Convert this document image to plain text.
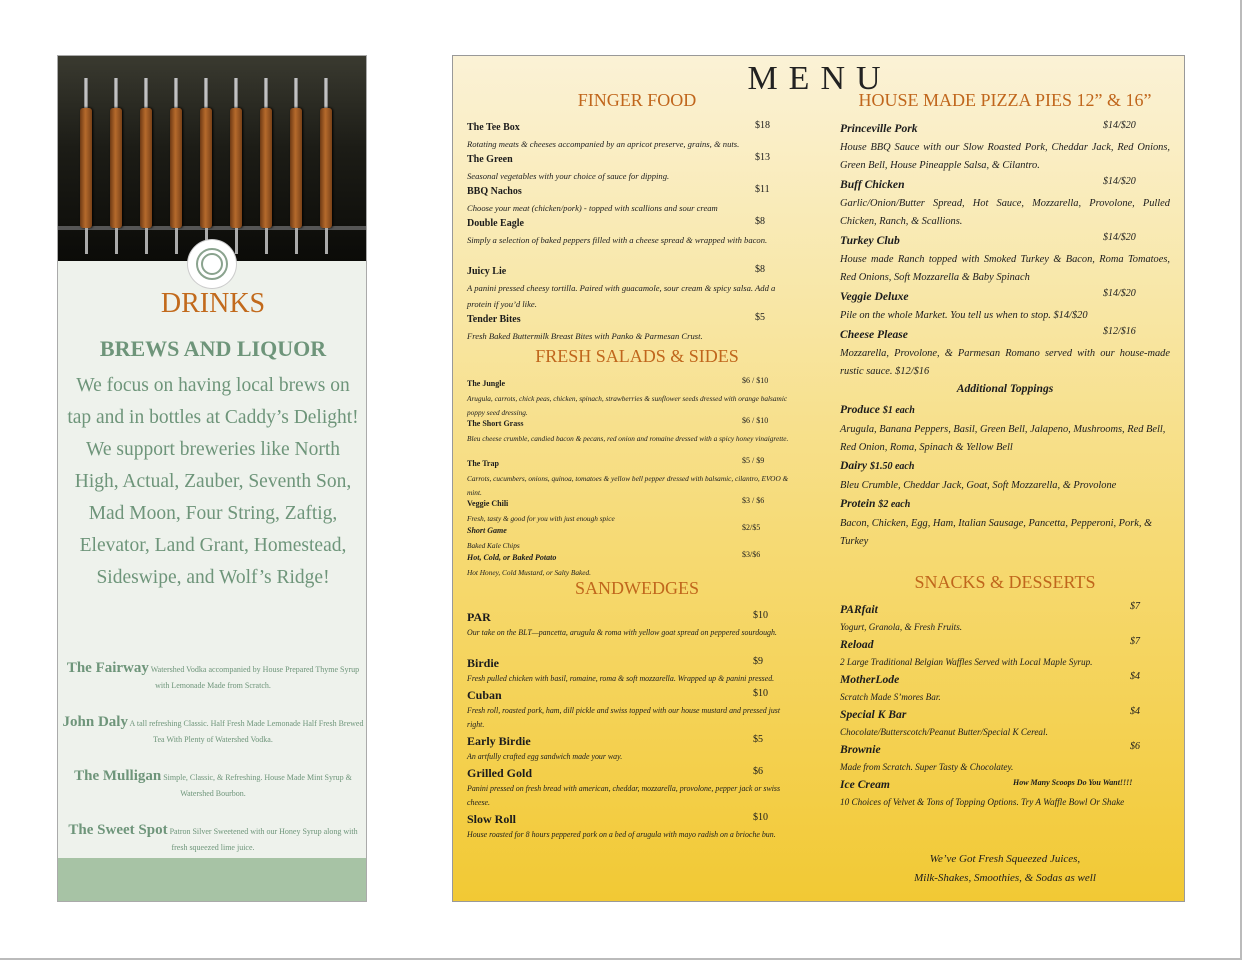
DRINKS
BREWS AND LIQUOR
We focus on having local brews on tap and in bottles at Caddy’s Delight! We support breweries like North High, Actual, Zauber, Seventh Son, Mad Moon, Four String, Zaftig, Elevator, Land Grant, Homestead, Sideswipe, and Wolf’s Ridge!
The Fairway Watershed Vodka accompanied by House Prepared Thyme Syrup with Lemonade Made from Scratch.
John Daly A tall refreshing Classic. Half Fresh Made Lemonade Half Fresh Brewed Tea With Plenty of Watershed Vodka.
The Mulligan Simple, Classic, & Refreshing. House Made Mint Syrup & Watershed Bourbon.
The Sweet Spot Patron Silver Sweetened with our Honey Syrup along with fresh squeezed lime juice.
MENU
FINGER FOOD
The Tee Box	$18
Rotating meats & cheeses accompanied by an apricot preserve, grains, & nuts.
The Green	$13
Seasonal vegetables with your choice of sauce for dipping.
BBQ Nachos	$11
Choose your meat (chicken/pork) - topped with scallions and sour cream
Double Eagle	$8
Simply a selection of baked peppers filled with a cheese spread & wrapped with bacon.
Juicy Lie	$8
A panini pressed cheesy tortilla. Paired with guacamole, sour cream & spicy salsa. Add a protein if you’d like.
Tender Bites	$5
Fresh Baked Buttermilk Breast Bites with Panko & Parmesan Crust.
FRESH SALADS & SIDES
The Jungle	$6 / $10
Arugula, carrots, chick peas, chicken, spinach, strawberries & sunflower seeds dressed with orange balsamic poppy seed dressing.
The Short Grass	$6 / $10
Bleu cheese crumble, candied bacon & pecans, red onion and romaine dressed with a spicy honey vinaigrette.
The Trap	$5 / $9
Carrots, cucumbers, onions, quinoa, tomatoes & yellow bell pepper dressed with balsamic, cilantro, EVOO & mint.
Veggie Chili	$3 / $6
Fresh, tasty & good for you with just enough spice
Short Game	$2/$5
Baked Kale Chips
Hot, Cold, or Baked Potato	$3/$6
Hot Honey, Cold Mustard, or Salty Baked.
SANDWEDGES
PAR	$10
Our take on the BLT—pancetta, arugula & roma with yellow goat spread on peppered sourdough.
Birdie	$9
Fresh pulled chicken with basil, romaine, roma & soft mozzarella. Wrapped up & panini pressed.
Cuban	$10
Fresh roll, roasted pork, ham, dill pickle and swiss topped with our house mustard and pressed just right.
Early Birdie	$5
An artfully crafted egg sandwich made your way.
Grilled Gold	$6
Panini pressed on fresh bread with american, cheddar, mozzarella, provolone, pepper jack or swiss cheese.
Slow Roll	$10
House roasted for 8 hours peppered pork on a bed of arugula with mayo radish on a brioche bun.
HOUSE MADE PIZZA PIES 12” & 16”
Princeville Pork	$14/$20
House BBQ Sauce with our Slow Roasted Pork, Cheddar Jack, Red Onions, Green Bell, House Pineapple Salsa, & Cilantro.
Buff Chicken	$14/$20
Garlic/Onion/Butter Spread, Hot Sauce, Mozzarella, Provolone, Pulled Chicken, Ranch, & Scallions.
Turkey Club	$14/$20
House made Ranch topped with Smoked Turkey & Bacon, Roma Tomatoes, Red Onions, Soft Mozzarella & Baby Spinach
Veggie Deluxe	$14/$20
Pile on the whole Market. You tell us when to stop. $14/$20
Cheese Please	$12/$16
Mozzarella, Provolone, & Parmesan Romano served with our house-made rustic sauce. $12/$16
Additional Toppings
Produce $1 each
Arugula, Banana Peppers, Basil, Green Bell, Jalapeno, Mushrooms, Red Bell, Red Onion, Roma, Spinach & Yellow Bell
Dairy $1.50 each
Bleu Crumble, Cheddar Jack, Goat, Soft Mozzarella, & Provolone
Protein $2 each
Bacon, Chicken, Egg, Ham, Italian Sausage, Pancetta, Pepperoni, Pork, & Turkey
SNACKS & DESSERTS
PARfait	$7
Yogurt, Granola, & Fresh Fruits.
Reload	$7
2 Large Traditional Belgian Waffles Served with Local Maple Syrup.
MotherLode	$4
Scratch Made S’mores Bar.
Special K Bar	$4
Chocolate/Butterscotch/Peanut Butter/Special K Cereal.
Brownie	$6
Made from Scratch. Super Tasty & Chocolatey.
Ice Cream
10 Choices of Velvet & Tons of Topping Options. Try A Waffle Bowl Or Shake
How Many Scoops Do You Want!!!!
We’ve Got Fresh Squeezed Juices,
Milk-Shakes, Smoothies, & Sodas as well
